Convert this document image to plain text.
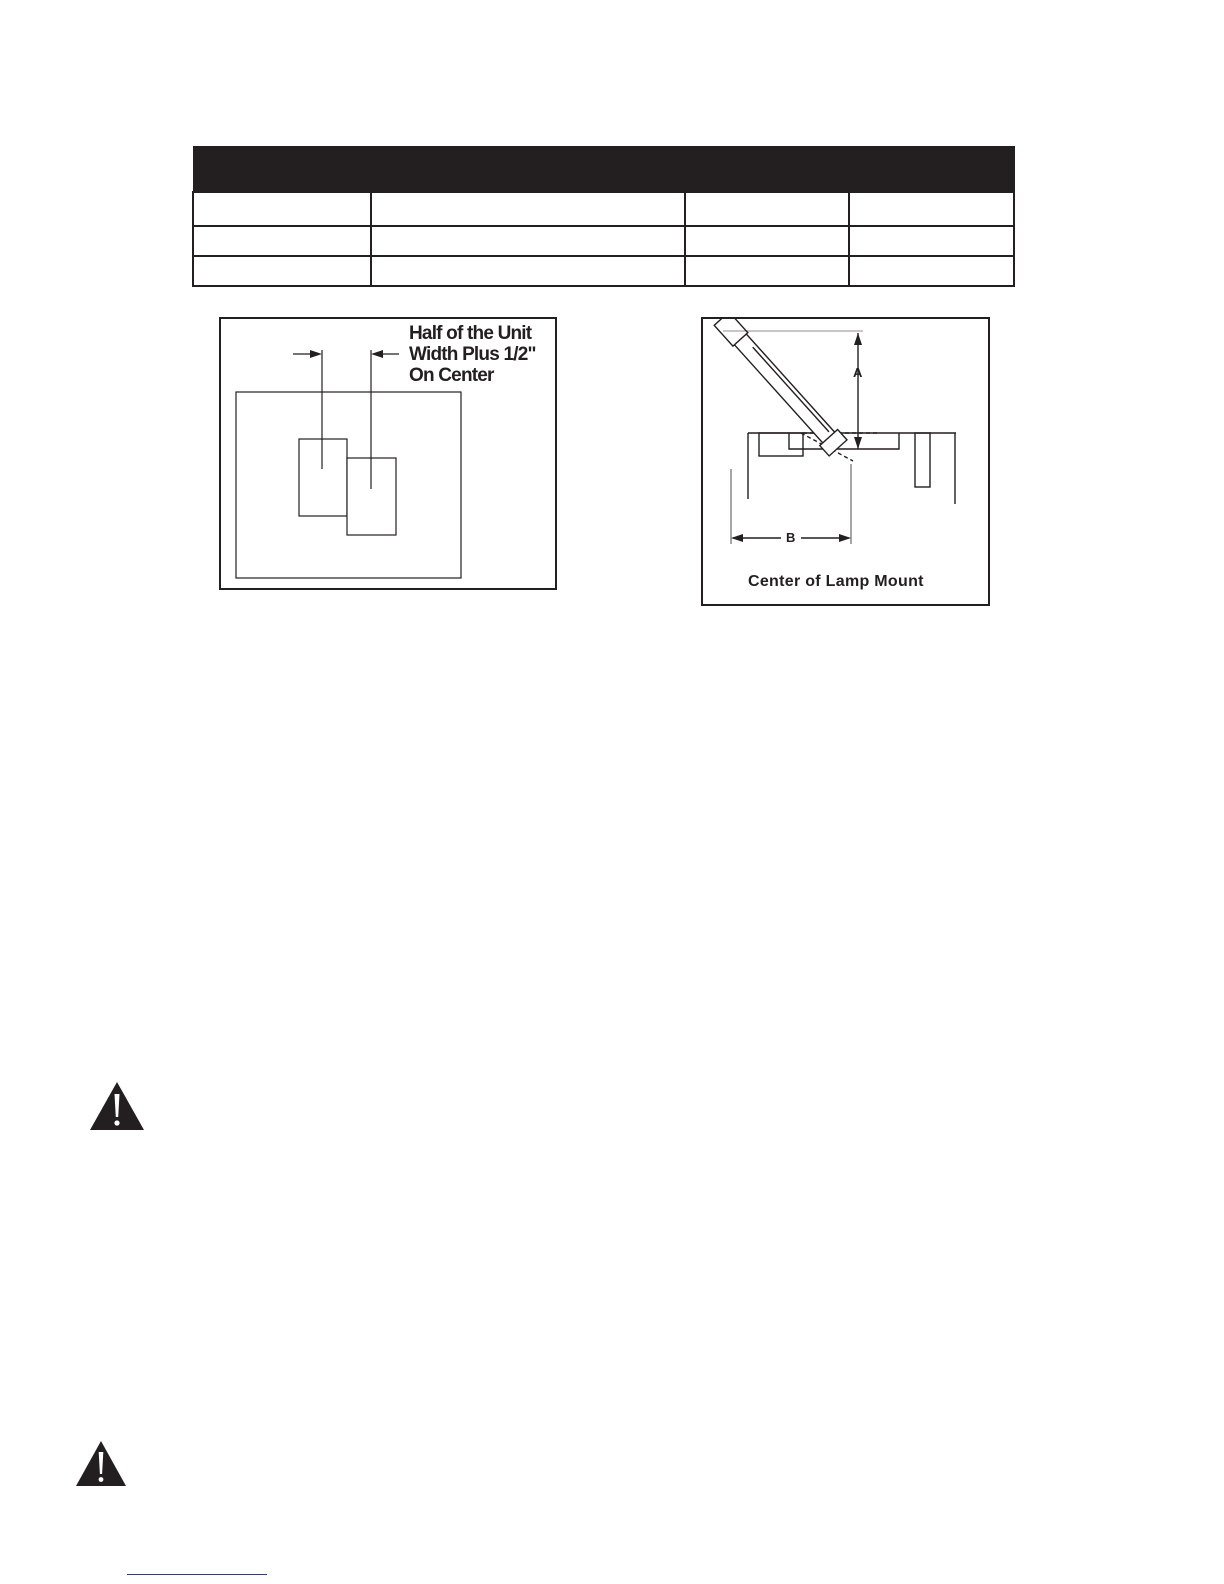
Half of the Unit
Width Plus 1/2"
On Center	A
B
Center of Lamp Mount
